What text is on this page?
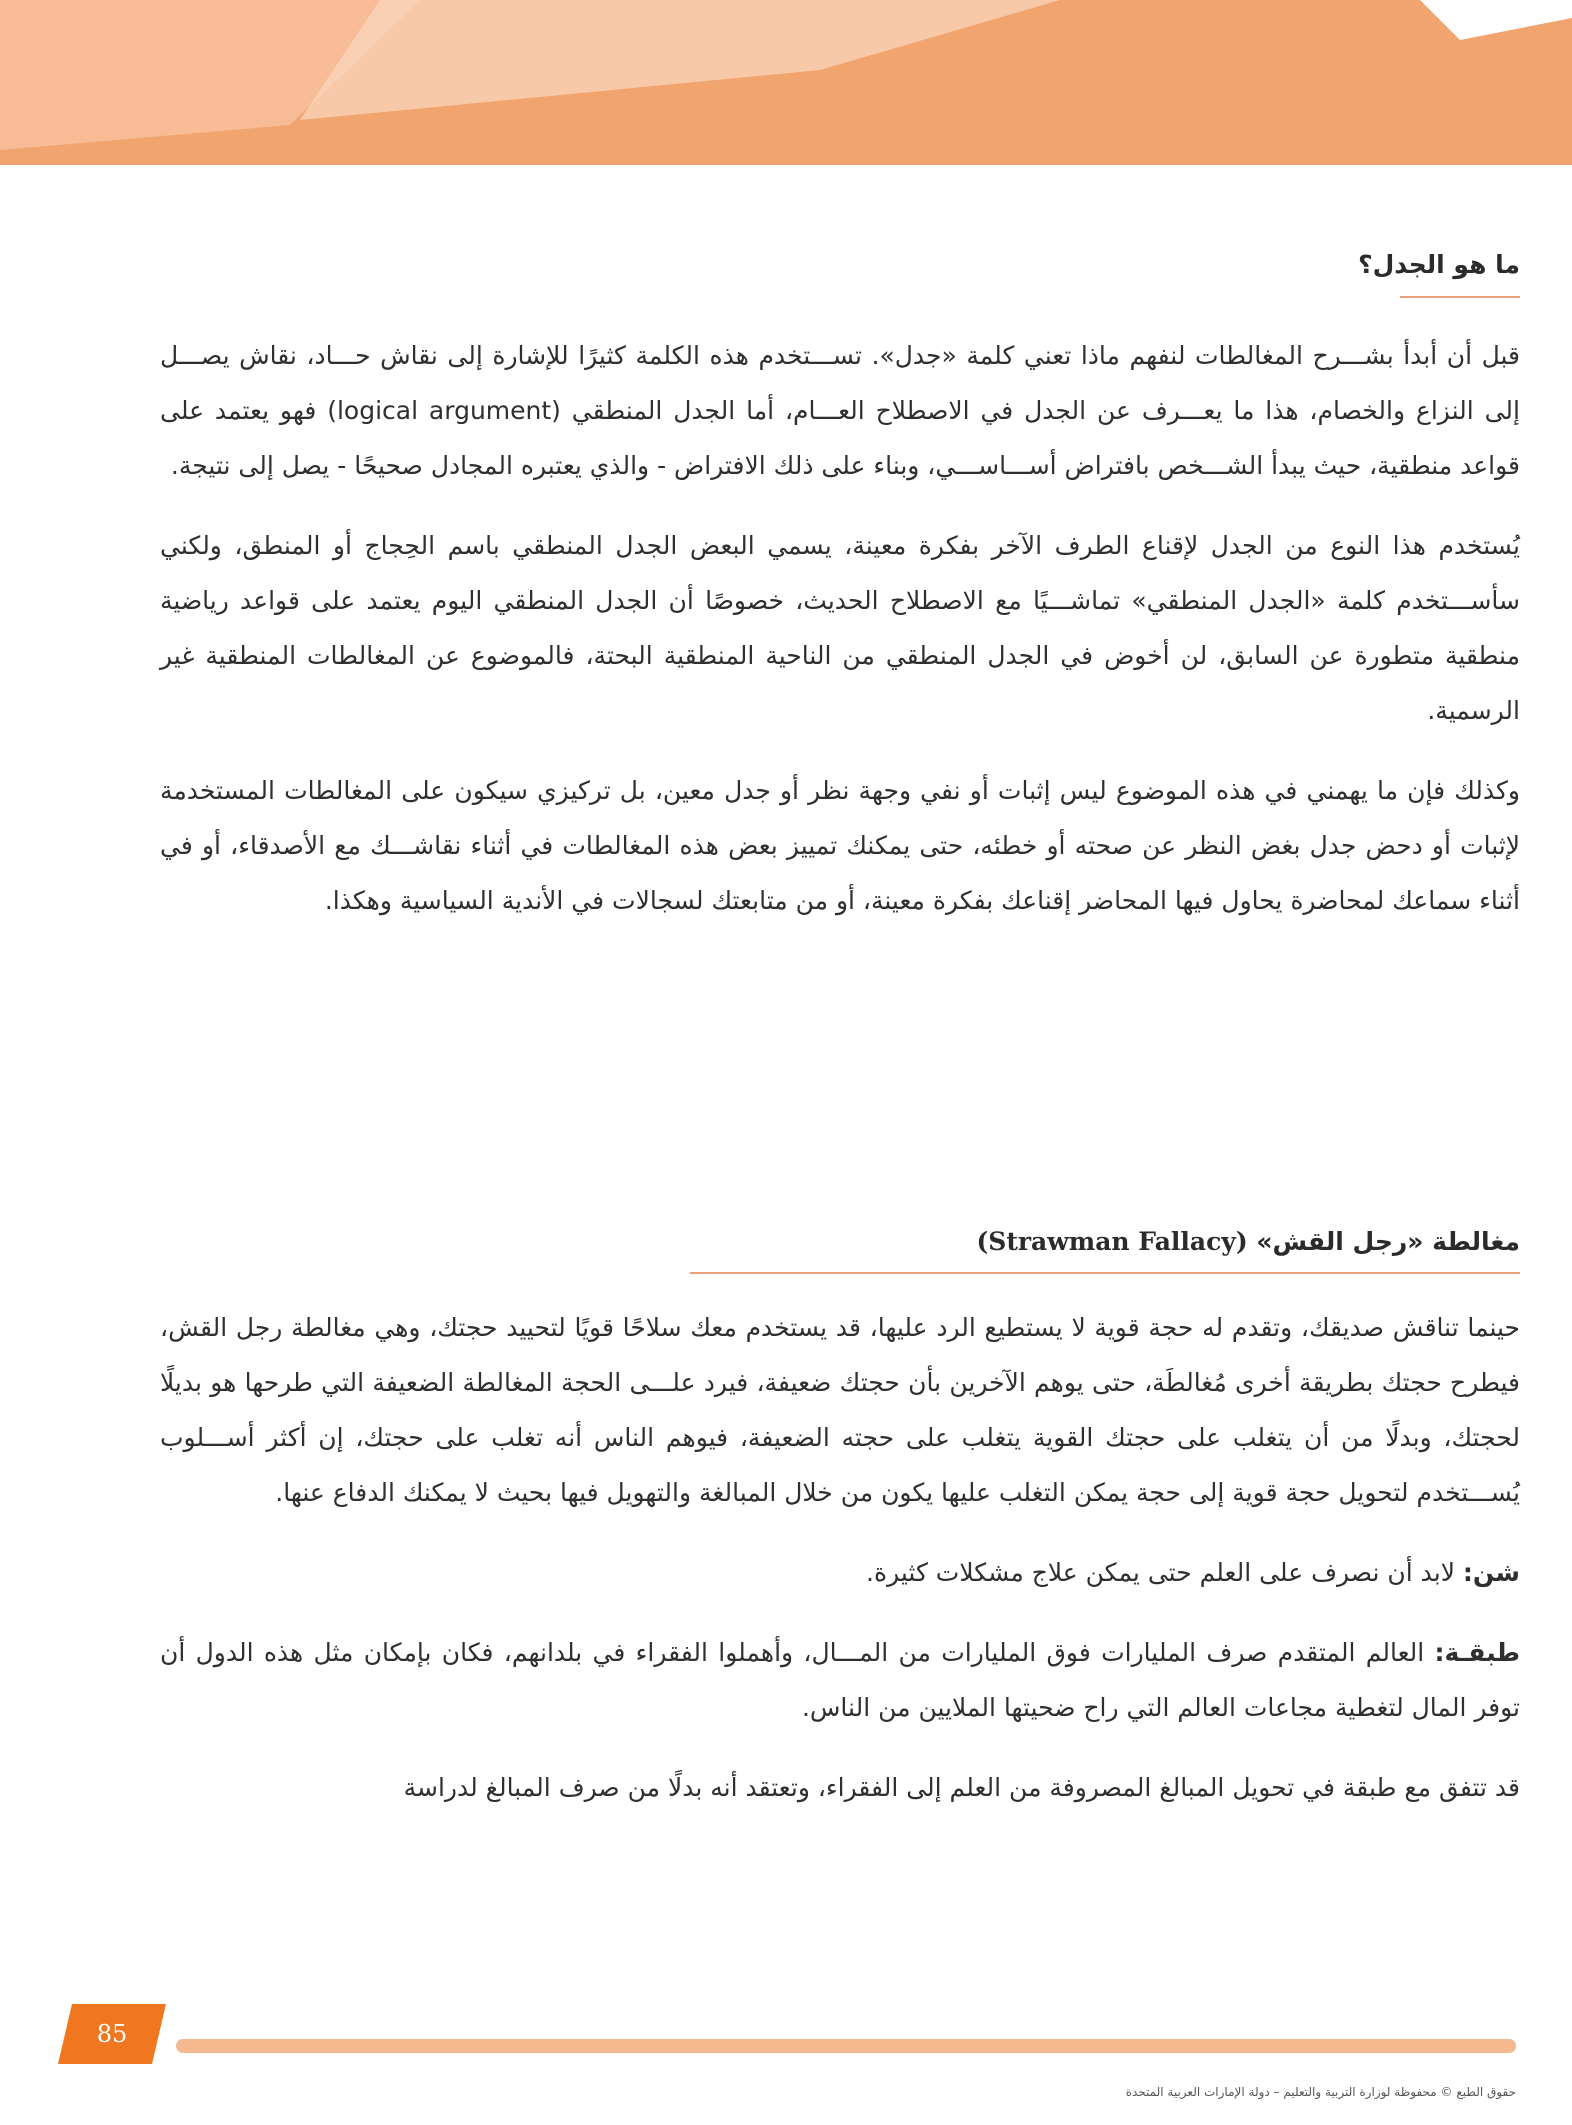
ما هو الجدل؟

قبل أن أبدأ بشـــرح المغالطات لنفهم ماذا تعني كلمة «جدل». تســـتخدم هذه الكلمة كثيرًا للإشارة إلى نقاش حـــاد، نقاش يصـــل إلى النزاع والخصام، هذا ما يعـــرف عن الجدل في الاصطلاح العـــام، أما الجدل المنطقي (logical argument) فهو يعتمد على قواعد منطقية، حيث يبدأ الشـــخص بافتراض أســـاســـي، وبناء على ذلك الافتراض - والذي يعتبره المجادل صحيحًا - يصل إلى نتيجة.

يُستخدم هذا النوع من الجدل لإقناع الطرف الآخر بفكرة معينة، يسمي البعض الجدل المنطقي باسم الحِجاج أو المنطق، ولكني سأســـتخدم كلمة «الجدل المنطقي» تماشـــيًا مع الاصطلاح الحديث، خصوصًا أن الجدل المنطقي اليوم يعتمد على قواعد رياضية منطقية متطورة عن السابق، لن أخوض في الجدل المنطقي من الناحية المنطقية البحتة، فالموضوع عن المغالطات المنطقية غير الرسمية.

وكذلك فإن ما يهمني في هذه الموضوع ليس إثبات أو نفي وجهة نظر أو جدل معين، بل تركيزي سيكون على المغالطات المستخدمة لإثبات أو دحض جدل بغض النظر عن صحته أو خطئه، حتى يمكنك تمييز بعض هذه المغالطات في أثناء نقاشـــك مع الأصدقاء، أو في أثناء سماعك لمحاضرة يحاول فيها المحاضر إقناعك بفكرة معينة، أو من متابعتك لسجالات في الأندية السياسية وهكذا.

مغالطة «رجل القش» (Strawman Fallacy)

حينما تناقش صديقك، وتقدم له حجة قوية لا يستطيع الرد عليها، قد يستخدم معك سلاحًا قويًا لتحييد حجتك، وهي مغالطة رجل القش، فيطرح حجتك بطريقة أخرى مُغالطَة، حتى يوهم الآخرين بأن حجتك ضعيفة، فيرد علـــى الحجة المغالطة الضعيفة التي طرحها هو بديلًا لحجتك، وبدلًا من أن يتغلب على حجتك القوية يتغلب على حجته الضعيفة، فيوهم الناس أنه تغلب على حجتك، إن أكثر أســـلوب يُســـتخدم لتحويل حجة قوية إلى حجة يمكن التغلب عليها يكون من خلال المبالغة والتهويل فيها بحيث لا يمكنك الدفاع عنها.

شن: لابد أن نصرف على العلم حتى يمكن علاج مشكلات كثيرة.

طبقـة: العالم المتقدم صرف المليارات فوق المليارات من المـــال، وأهملوا الفقراء في بلدانهم، فكان بإمكان مثل هذه الدول أن توفر المال لتغطية مجاعات العالم التي راح ضحيتها الملايين من الناس.

قد تتفق مع طبقة في تحويل المبالغ المصروفة من العلم إلى الفقراء، وتعتقد أنه بدلًا من صرف المبالغ لدراسة

85
حقوق الطبع © محفوظة لوزارة التربية والتعليم – دولة الإمارات العربية المتحدة
